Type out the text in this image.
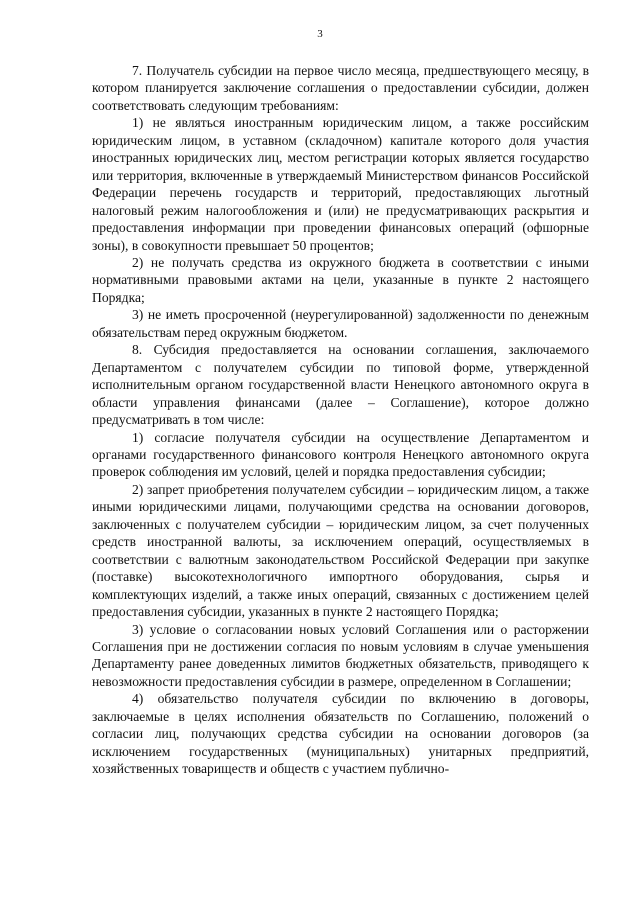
3

7. Получатель субсидии на первое число месяца, предшествующего месяцу, в котором планируется заключение соглашения о предоставлении субсидии, должен соответствовать следующим требованиям:

1) не являться иностранным юридическим лицом, а также российским юридическим лицом, в уставном (складочном) капитале которого доля участия иностранных юридических лиц, местом регистрации которых является государство или территория, включенные в утверждаемый Министерством финансов Российской Федерации перечень государств и территорий, предоставляющих льготный налоговый режим налогообложения и (или) не предусматривающих раскрытия и предоставления информации при проведении финансовых операций (офшорные зоны), в совокупности превышает 50 процентов;

2) не получать средства из окружного бюджета в соответствии с иными нормативными правовыми актами на цели, указанные в пункте 2 настоящего Порядка;

3) не иметь просроченной (неурегулированной) задолженности по денежным обязательствам перед окружным бюджетом.

8. Субсидия предоставляется на основании соглашения, заключаемого Департаментом с получателем субсидии по типовой форме, утвержденной исполнительным органом государственной власти Ненецкого автономного округа в области управления финансами (далее – Соглашение), которое должно предусматривать в том числе:

1) согласие получателя субсидии на осуществление Департаментом и органами государственного финансового контроля Ненецкого автономного округа проверок соблюдения им условий, целей и порядка предоставления субсидии;

2) запрет приобретения получателем субсидии – юридическим лицом, а также иными юридическими лицами, получающими средства на основании договоров, заключенных с получателем субсидии – юридическим лицом, за счет полученных средств иностранной валюты, за исключением операций, осуществляемых в соответствии с валютным законодательством Российской Федерации при закупке (поставке) высокотехнологичного импортного оборудования, сырья и комплектующих изделий, а также иных операций, связанных с достижением целей предоставления субсидии, указанных в пункте 2 настоящего Порядка;

3) условие о согласовании новых условий Соглашения или о расторжении Соглашения при не достижении согласия по новым условиям в случае уменьшения Департаменту ранее доведенных лимитов бюджетных обязательств, приводящего к невозможности предоставления субсидии в размере, определенном в Соглашении;

4) обязательство получателя субсидии по включению в договоры, заключаемые в целях исполнения обязательств по Соглашению, положений о согласии лиц, получающих средства субсидии на основании договоров (за исключением государственных (муниципальных) унитарных предприятий, хозяйственных товариществ и обществ с участием публично-
